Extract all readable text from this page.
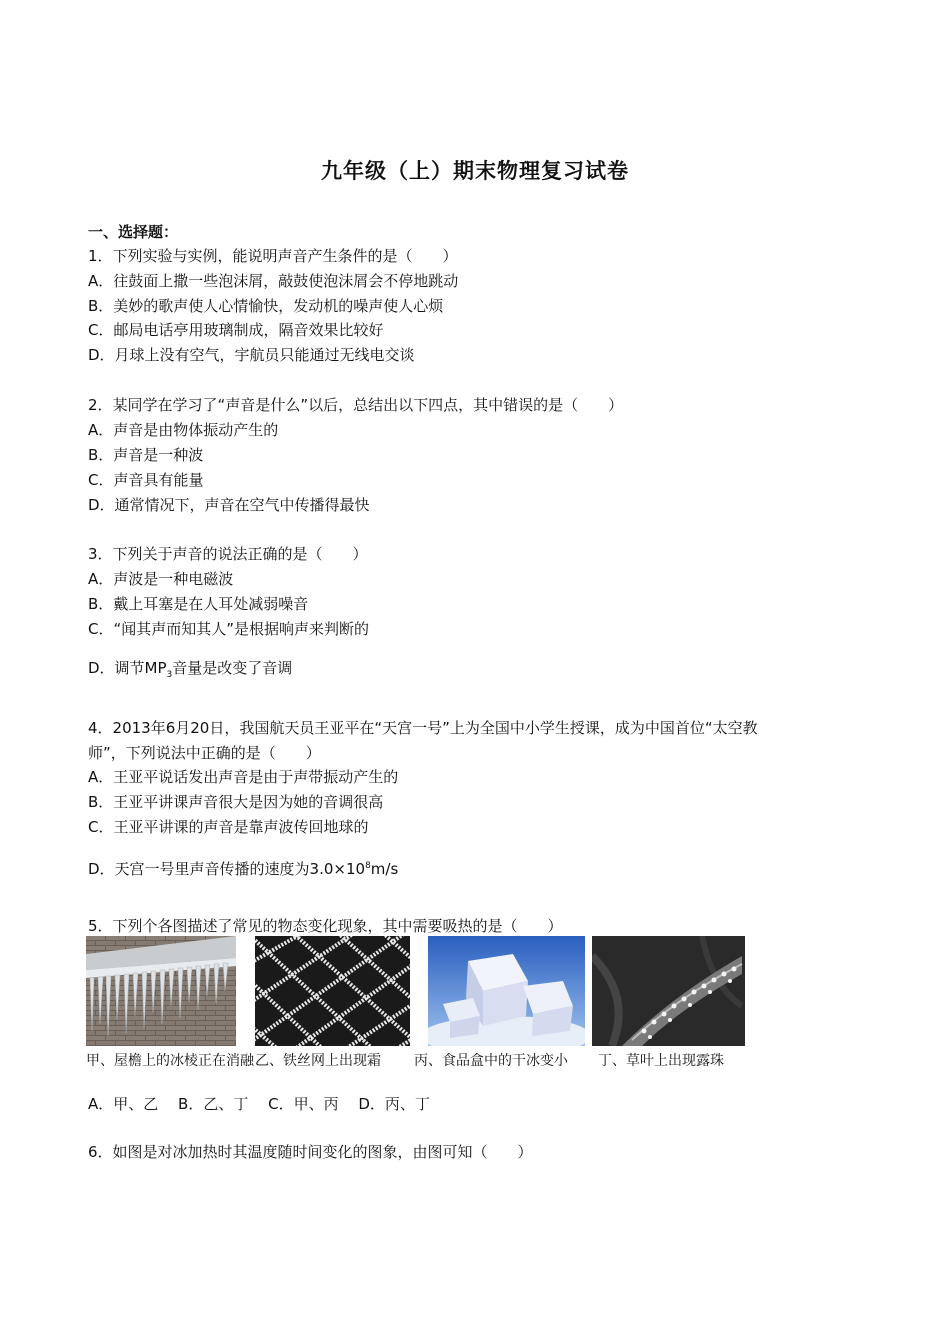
九年级（上）期末物理复习试卷
一、选择题：
1．下列实验与实例，能说明声音产生条件的是（　　）
A．往鼓面上撒一些泡沫屑，敲鼓使泡沫屑会不停地跳动
B．美妙的歌声使人心情愉快，发动机的噪声使人心烦
C．邮局电话亭用玻璃制成，隔音效果比较好
D．月球上没有空气，宇航员只能通过无线电交谈
2．某同学在学习了“声音是什么”以后，总结出以下四点，其中错误的是（　　）
A．声音是由物体振动产生的
B．声音是一种波
C．声音具有能量
D．通常情况下，声音在空气中传播得最快
3．下列关于声音的说法正确的是（　　）
A．声波是一种电磁波
B．戴上耳塞是在人耳处减弱噪音
C．“闻其声而知其人”是根据响声来判断的
D．调节$MP_3$音量是改变了音调
4．2013年6月20日，我国航天员王亚平在“天宫一号”上为全国中小学生授课，成为中国首位“太空教
师”，下列说法中正确的是（　　）
A．王亚平说话发出声音是由于声带振动产生的
B．王亚平讲课声音很大是因为她的音调很高
C．王亚平讲课的声音是靠声波传回地球的
D．天宫一号里声音传播的速度为$3.0\times 10^8m/s$
5．下列个各图描述了常见的物态变化现象，其中需要吸热的是（　　）
甲、屋檐上的冰棱正在消融 乙、铁丝网上出现霜 丙、食品盒中的干冰变小 丁、草叶上出现露珠
A．甲、乙　 B．乙、丁　 C．甲、丙　 D．丙、丁
6．如图是对冰加热时其温度随时间变化的图象，由图可知（　　）
